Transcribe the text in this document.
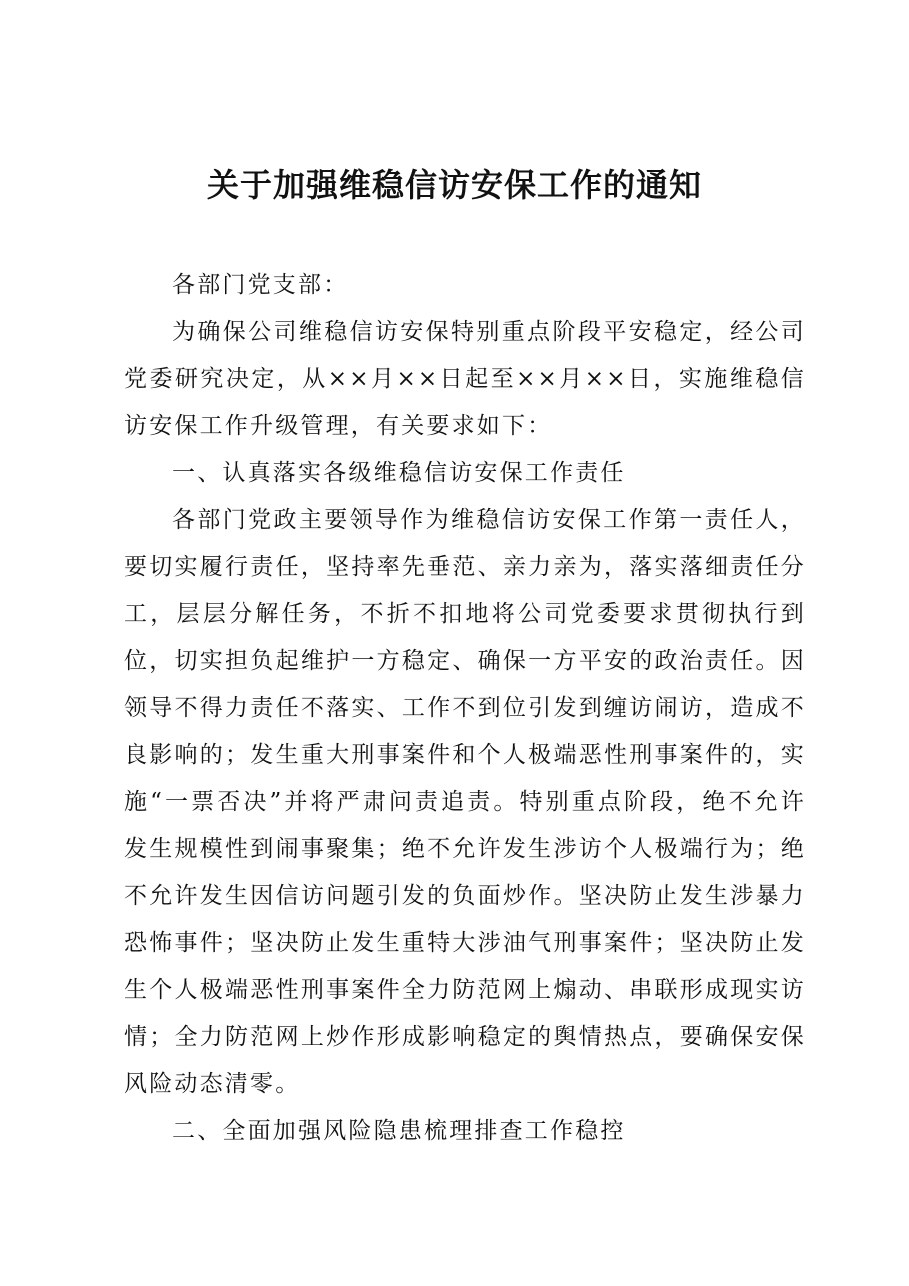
关于加强维稳信访安保工作的通知

各部门党支部：

为确保公司维稳信访安保特别重点阶段平安稳定，经公司党委研究决定，从××月××日起至××月××日，实施维稳信访安保工作升级管理，有关要求如下：

一、认真落实各级维稳信访安保工作责任

各部门党政主要领导作为维稳信访安保工作第一责任人，要切实履行责任，坚持率先垂范、亲力亲为，落实落细责任分工，层层分解任务，不折不扣地将公司党委要求贯彻执行到位，切实担负起维护一方稳定、确保一方平安的政治责任。因领导不得力责任不落实、工作不到位引发到缠访闹访，造成不良影响的；发生重大刑事案件和个人极端恶性刑事案件的，实施“一票否决”并将严肃问责追责。特别重点阶段，绝不允许发生规模性到闹事聚集；绝不允许发生涉访个人极端行为；绝不允许发生因信访问题引发的负面炒作。坚决防止发生涉暴力恐怖事件；坚决防止发生重特大涉油气刑事案件；坚决防止发生个人极端恶性刑事案件全力防范网上煽动、串联形成现实访情；全力防范网上炒作形成影响稳定的舆情热点，要确保安保风险动态清零。

二、全面加强风险隐患梳理排查工作稳控
